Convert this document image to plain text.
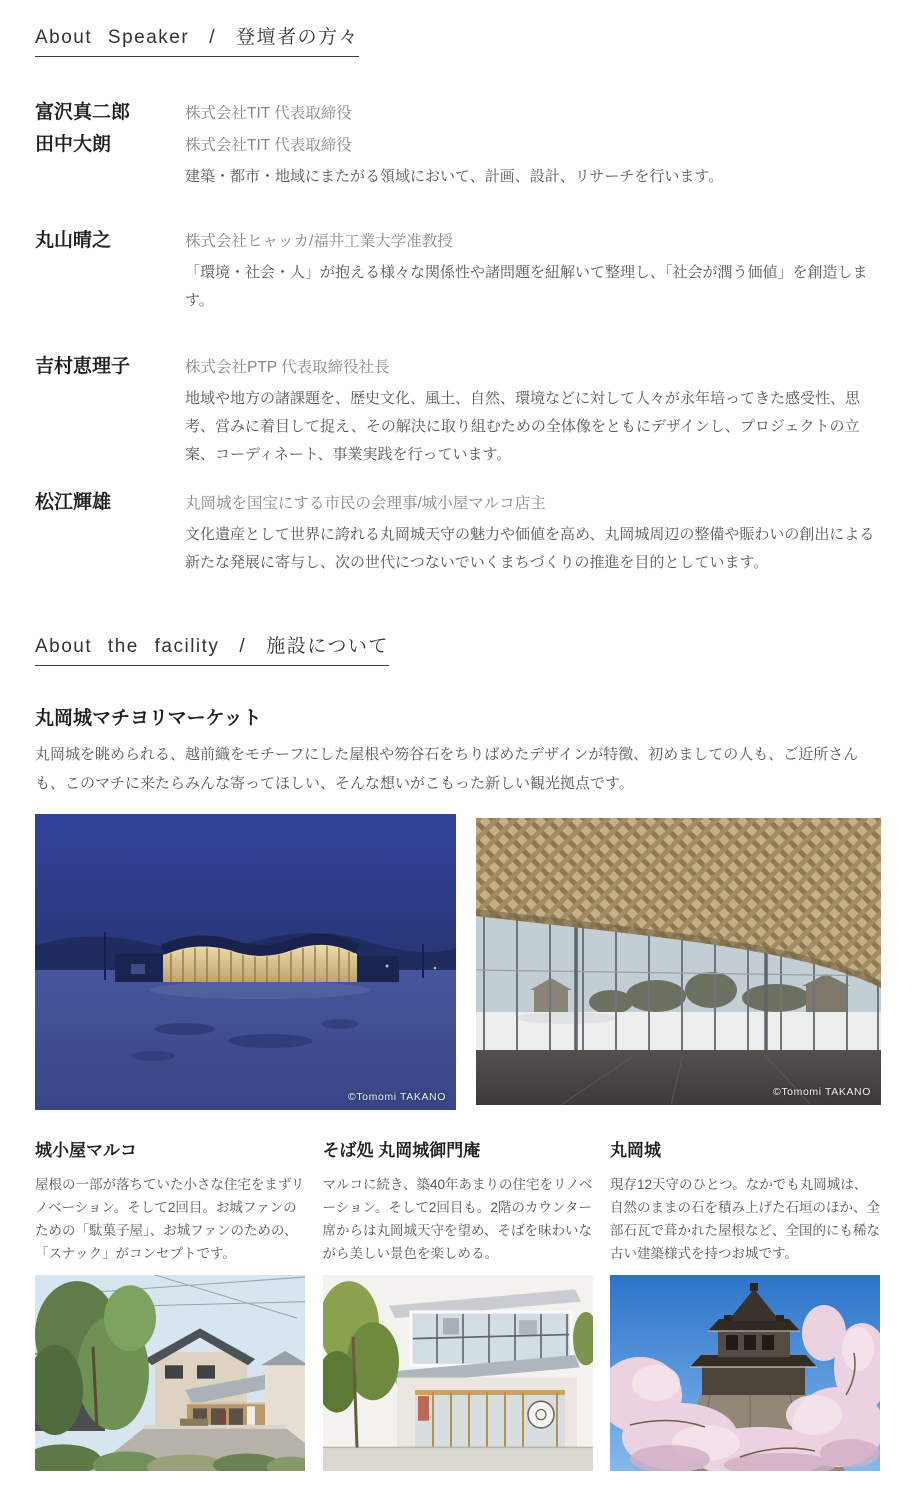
About Speaker / 登壇者の方々
富沢真二郎	株式会社TIT 代表取締役
田中大朗	株式会社TIT 代表取締役
建築・都市・地域にまたがる領域において、計画、設計、リサーチを行います。
丸山晴之	株式会社ヒャッカ/福井工業大学准教授
「環境・社会・人」が抱える様々な関係性や諸問題を紐解いて整理し、「社会が潤う価値」を創造します。
吉村恵理子	株式会社PTP 代表取締役社長
地域や地方の諸課題を、歴史文化、風土、自然、環境などに対して人々が永年培ってきた感受性、思考、営みに着目して捉え、その解決に取り組むための全体像をともにデザインし、プロジェクトの立案、コーディネート、事業実践を行っています。
松江輝雄	丸岡城を国宝にする市民の会理事/城小屋マルコ店主
文化遺産として世界に誇れる丸岡城天守の魅力や価値を高め、丸岡城周辺の整備や賑わいの創出による新たな発展に寄与し、次の世代につないでいくまちづくりの推進を目的としています。
About the facility / 施設について
丸岡城マチヨリマーケット
丸岡城を眺められる、越前織をモチーフにした屋根や笏谷石をちりばめたデザインが特徴、初めましての人も、ご近所さんも、このマチに来たらみんな寄ってほしい、そんな想いがこもった新しい観光拠点です。
©Tomomi TAKANO	©Tomomi TAKANO
城小屋マルコ
屋根の一部が落ちていた小さな住宅をまずリノベーション。そして2回目。お城ファンのための「駄菓子屋」、お城ファンのための、「スナック」がコンセプトです。
そば処 丸岡城御門庵
マルコに続き、築40年あまりの住宅をリノベーション。そして2回目も。2階のカウンター席からは丸岡城天守を望め、そばを味わいながら美しい景色を楽しめる。
丸岡城
現存12天守のひとつ。なかでも丸岡城は、自然のままの石を積み上げた石垣のほか、全部石瓦で葺かれた屋根など、全国的にも稀な古い建築様式を持つお城です。
